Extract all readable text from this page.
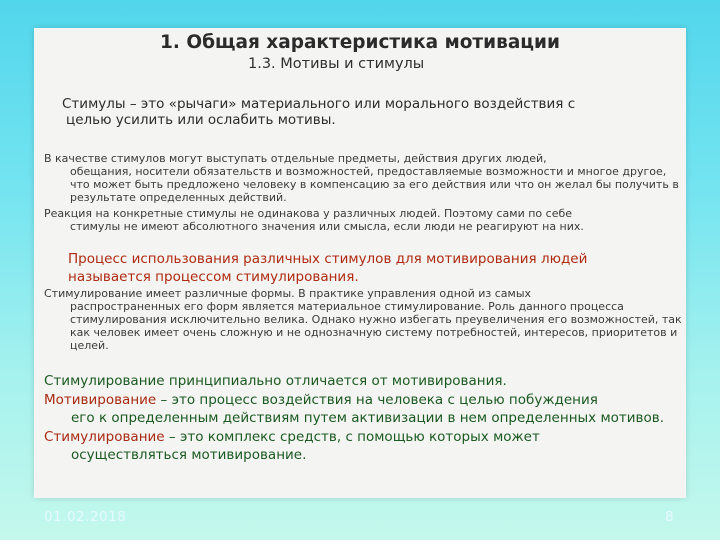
1. Общая характеристика мотивации
1.3. Мотивы и стимулы
Стимулы – это «рычаги» материального или морального воздействия с
целью усилить или ослабить мотивы.
В качестве стимулов могут выступать отдельные предметы, действия других людей,
обещания, носители обязательств и возможностей, предоставляемые возможности и многое другое, что может быть предложено человеку в компенсацию за его действия или что он желал бы получить в результате определенных действий.
Реакция на конкретные стимулы не одинакова у различных людей. Поэтому сами по себе
стимулы не имеют абсолютного значения или смысла, если люди не реагируют на них.
Процесс использования различных стимулов для мотивирования людей называется процессом стимулирования.
Стимулирование имеет различные формы. В практике управления одной из самых
распространенных его форм является материальное стимулирование. Роль данного процесса стимулирования исключительно велика. Однако нужно избегать преувеличения его возможностей, так как человек имеет очень сложную и не однозначную систему потребностей, интересов, приоритетов и целей.
Стимулирование принципиально отличается от мотивирования.
Мотивирование – это процесс воздействия на человека с целью побуждения
его к определенным действиям путем активизации в нем определенных мотивов.
Стимулирование – это комплекс средств, с помощью которых может
осуществляться мотивирование.
01.02.2018	8
